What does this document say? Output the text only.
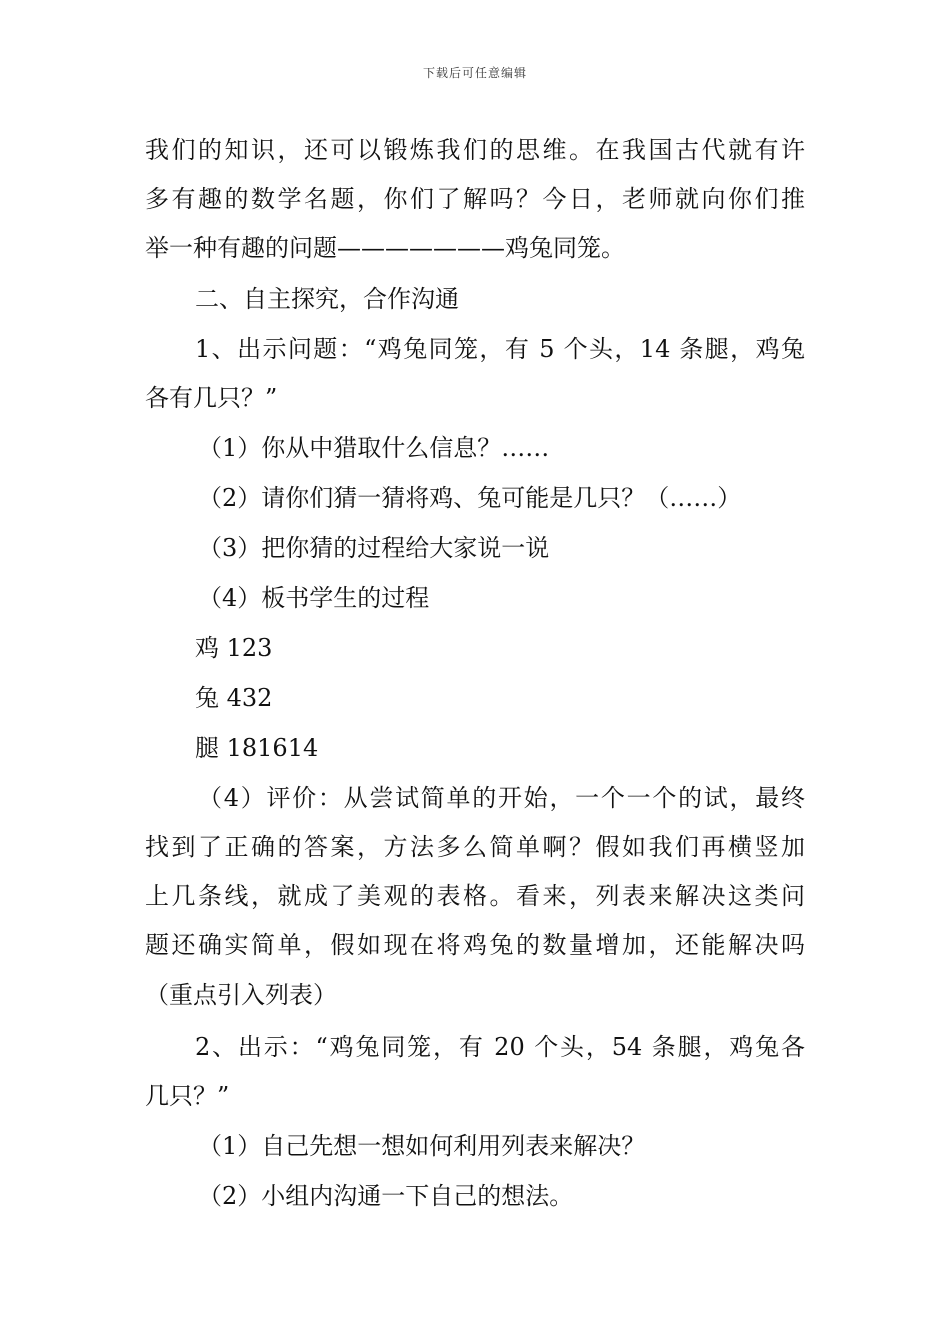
下载后可任意编辑
我们的知识，还可以锻炼我们的思维。在我国古代就有许
多有趣的数学名题，你们了解吗？今日，老师就向你们推
举一种有趣的问题———————鸡兔同笼。
二、自主探究，合作沟通
1、出示问题：“鸡兔同笼，有 5 个头，14 条腿，鸡兔
各有几只？”
（1）你从中猎取什么信息？……
（2）请你们猜一猜将鸡、兔可能是几只？（……）
（3）把你猜的过程给大家说一说
（4）板书学生的过程
鸡 123
兔 432
腿 181614
（4）评价：从尝试简单的开始，一个一个的试，最终
找到了正确的答案，方法多么简单啊？假如我们再横竖加
上几条线，就成了美观的表格。看来，列表来解决这类问
题还确实简单，假如现在将鸡兔的数量增加，还能解决吗
（重点引入列表）
2、出示：“鸡兔同笼，有 20 个头，54 条腿，鸡兔各
几只？”
（1）自己先想一想如何利用列表来解决？
（2）小组内沟通一下自己的想法。
